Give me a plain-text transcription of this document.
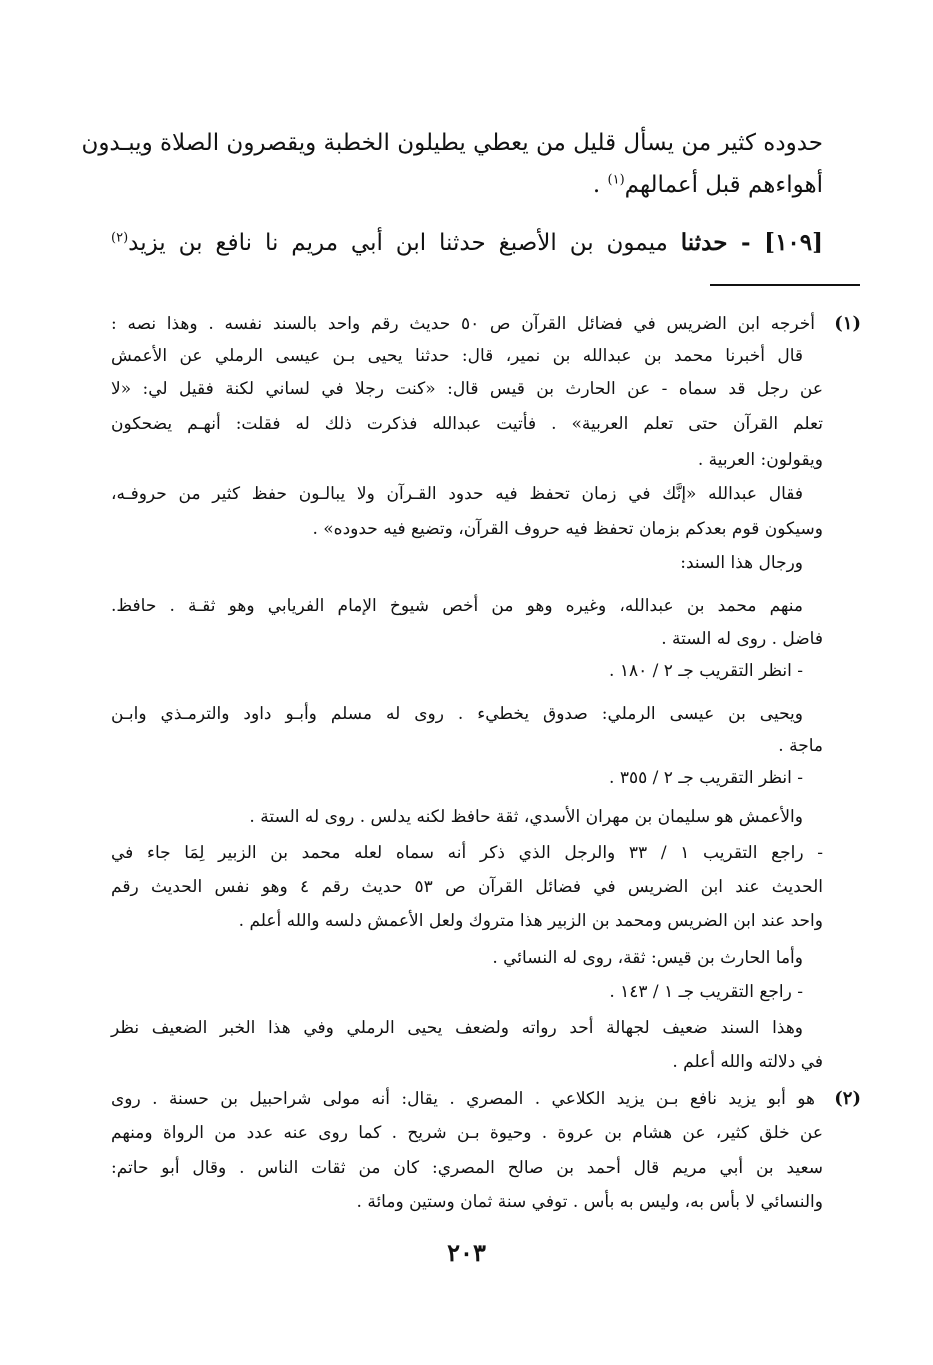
حدوده كثير من يسأل قليل من يعطي يطيلون الخطبة ويقصرون الصلاة ويبـدون
أهواءهم قبل أعمالهم$^{(١)}$ .
[١٠٩] - حدثنا ميمون بن الأصبغ حدثنا ابن أبي مريم نا نافع بن يزيد$^{(٢)}$
(١)
أخرجه ابن الضريس في فضائل القرآن ص ٥٠ حديث رقم واحد بالسند نفسه . وهذا نصه :
قال أخبرنا محمد بن عبدالله بن نمير، قال: حدثنا يحيى بـن عيسى الرملي عن الأعمش
عن رجل قد سماه - عن الحارث بن قيس قال: «كنت رجلا في لساني لكنة فقيل لي: «لا
تعلم القرآن حتى تعلم العربية» . فأتيت عبدالله فذكرت ذلك له فقلت: أنهـم يضحكون
ويقولون: العربية .
فقال عبدالله «إنَّك في زمان تحفظ فيه حدود القـرآن ولا يبالـون حفظ كثير من حروفـه،
وسيكون قوم بعدكم بزمان تحفظ فيه حروف القرآن، وتضيع فيه حدوده» .
ورجال هذا السند:
منهم محمد بن عبدالله، وغيره وهو من أخص شيوخ الإمام الفريابي وهو ثقـة . حافظ.
فاضل . روى له الستة .
- انظر التقريب جـ ٢ / ١٨٠ .
ويحيى بن عيسى الرملي: صدوق يخطيء . روى له مسلم وأبـو داود والترمـذي وابـن
ماجة .
- انظر التقريب جـ ٢ / ٣٥٥ .
والأعمش هو سليمان بن مهران الأسدي، ثقة حافظ لكنه يدلس . روى له الستة .
- راجع التقريب ١ / ٣٣ والرجل الذي ذكر أنه سماه لعله محمد بن الزبير لِمَا جاء في
الحديث عند ابن الضريس في فضائل القرآن ص ٥٣ حديث رقم ٤ وهو نفس الحديث رقم
واحد عند ابن الضريس ومحمد بن الزبير هذا متروك ولعل الأعمش دلسه والله أعلم .
وأما الحارث بن قيس: ثقة، روى له النسائي .
- راجع التقريب جـ ١ / ١٤٣ .
وهذا السند ضعيف لجهالة أحد رواته ولضعف يحيى الرملي وفي هذا الخبر الضعيف نظر
في دلالته والله أعلم .
(٢)
هو أبو يزيد نافع بـن يزيد الكلاعي . المصري . يقال: أنه مولى شراحبيل بن حسنة . روى
عن خلق كثير، عن هشام بن عروة . وحيوة بـن شريح . كما روى عنه عدد من الرواة ومنهم
سعيد بن أبي مريم قال أحمد بن صالح المصري: كان من ثقات الناس . وقال أبو حاتم:
والنسائي لا بأس به، وليس به بأس . توفي سنة ثمان وستين ومائة .
٢٠٣
